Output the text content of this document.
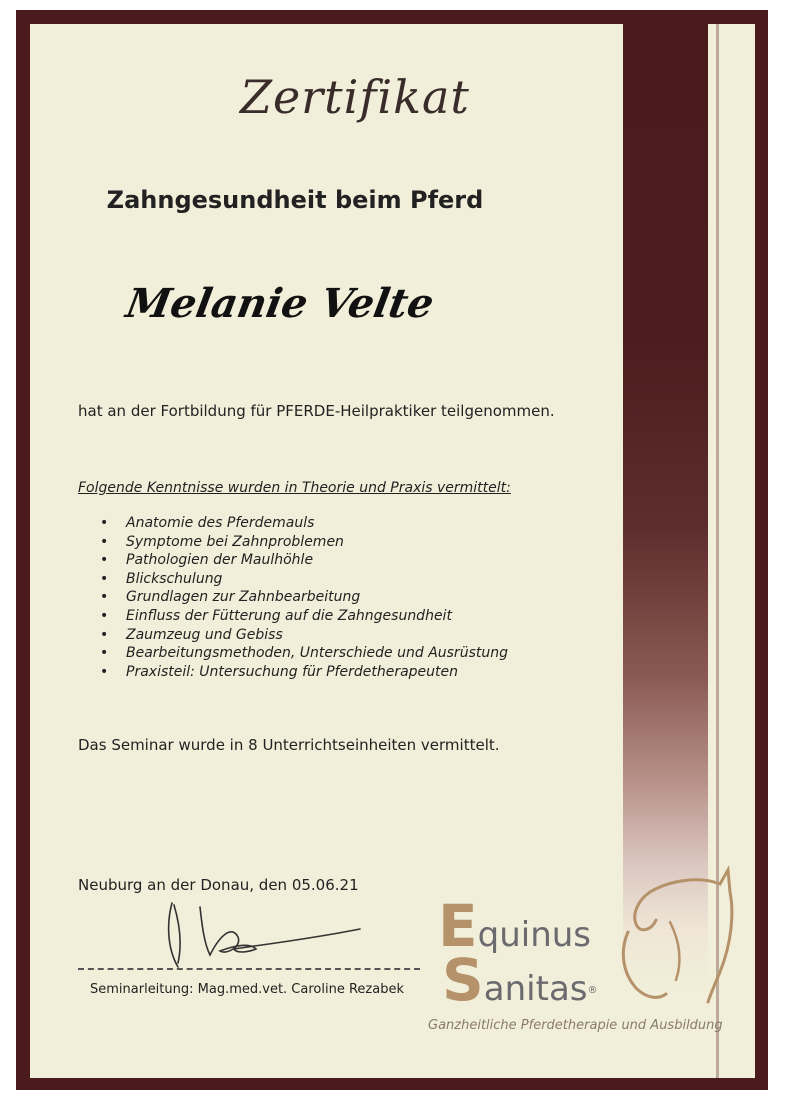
Zertifikat
Zahngesundheit beim Pferd
Melanie Velte
hat an der Fortbildung für PFERDE-Heilpraktiker teilgenommen.
Folgende Kenntnisse wurden in Theorie und Praxis vermittelt:
• Anatomie des Pferdemauls
• Symptome bei Zahnproblemen
• Pathologien der Maulhöhle
• Blickschulung
• Grundlagen zur Zahnbearbeitung
• Einfluss der Fütterung auf die Zahngesundheit
• Zaumzeug und Gebiss
• Bearbeitungsmethoden, Unterschiede und Ausrüstung
• Praxisteil: Untersuchung für Pferdetherapeuten
Das Seminar wurde in 8 Unterrichtseinheiten vermittelt.
Neuburg an der Donau, den 05.06.21
Seminarleitung: Mag.med.vet. Caroline Rezabek
Equinus
Sanitas®
Ganzheitliche Pferdetherapie und Ausbildung
